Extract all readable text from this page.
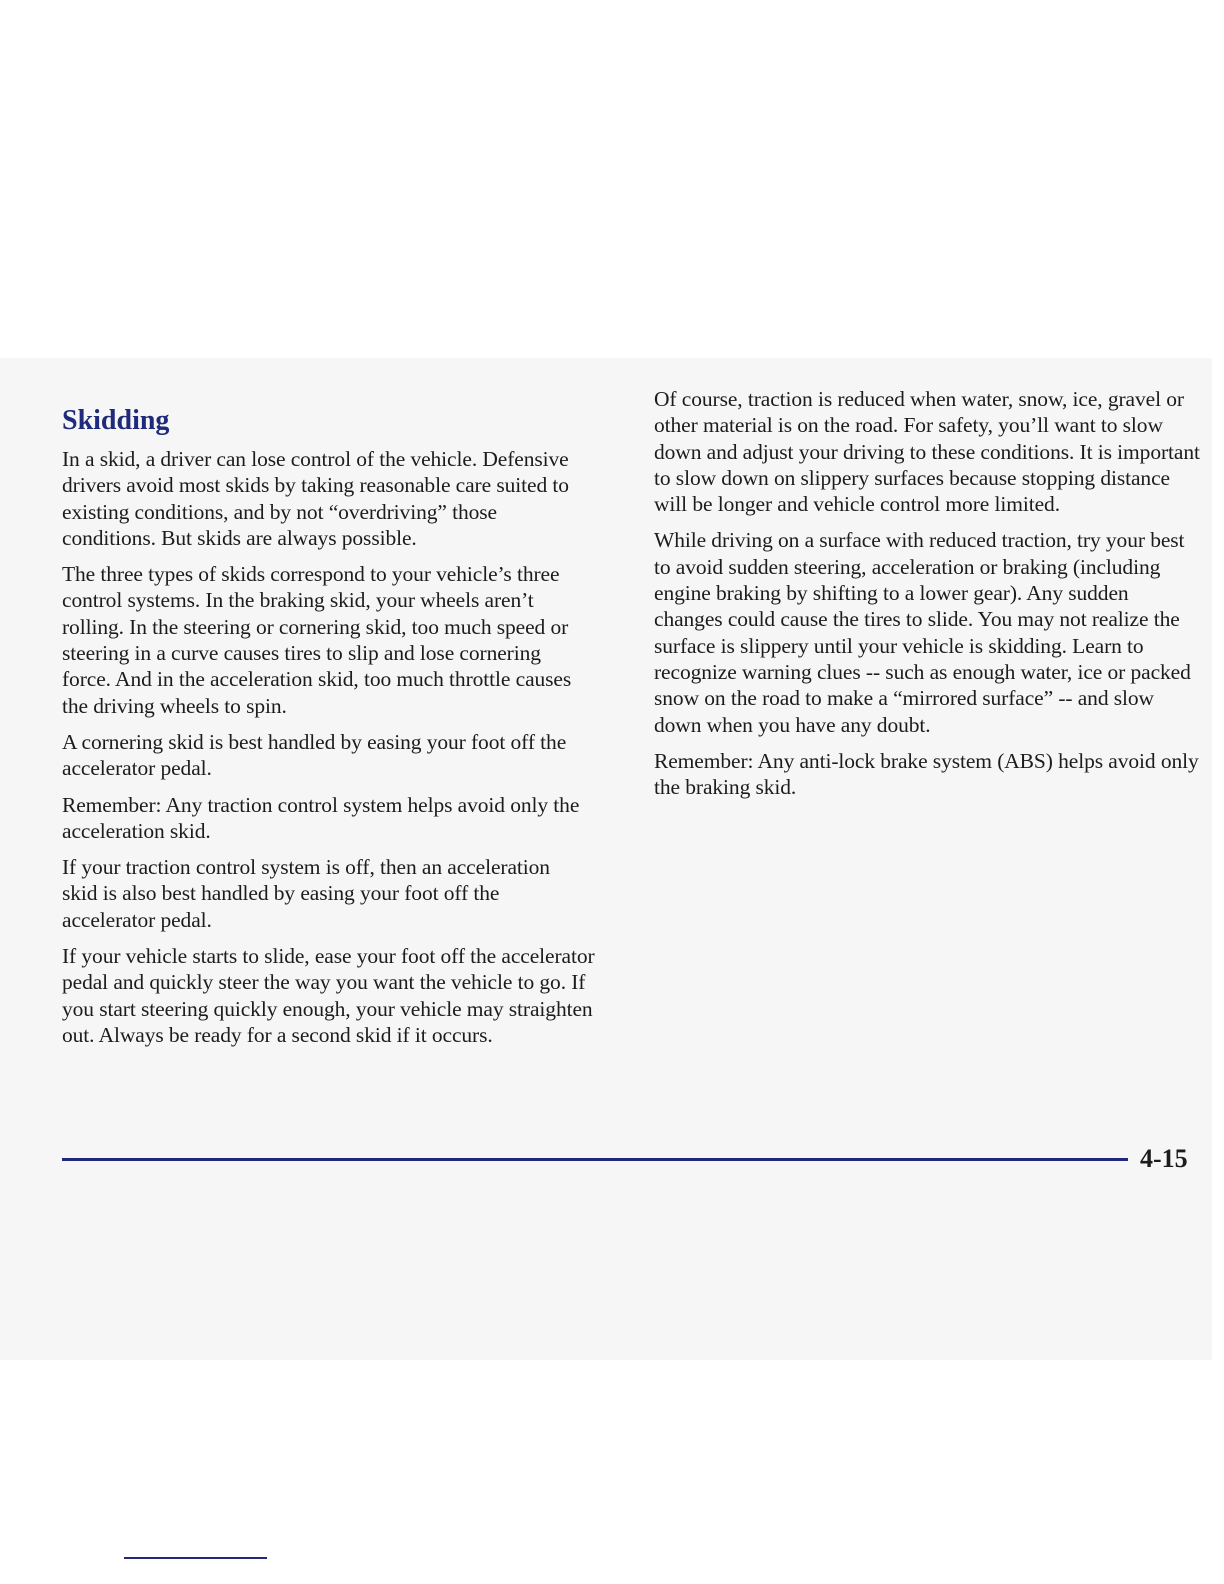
Skidding

In a skid, a driver can lose control of the vehicle. Defensive drivers avoid most skids by taking reasonable care suited to existing conditions, and by not “overdriving” those conditions. But skids are always possible.

The three types of skids correspond to your vehicle’s three control systems. In the braking skid, your wheels aren’t rolling. In the steering or cornering skid, too much speed or steering in a curve causes tires to slip and lose cornering force. And in the acceleration skid, too much throttle causes the driving wheels to spin.

A cornering skid is best handled by easing your foot off the accelerator pedal.

Remember: Any traction control system helps avoid only the acceleration skid.

If your traction control system is off, then an acceleration skid is also best handled by easing your foot off the accelerator pedal.

If your vehicle starts to slide, ease your foot off the accelerator pedal and quickly steer the way you want the vehicle to go. If you start steering quickly enough, your vehicle may straighten out. Always be ready for a second skid if it occurs.

Of course, traction is reduced when water, snow, ice, gravel or other material is on the road. For safety, you’ll want to slow down and adjust your driving to these conditions. It is important to slow down on slippery surfaces because stopping distance will be longer and vehicle control more limited.

While driving on a surface with reduced traction, try your best to avoid sudden steering, acceleration or braking (including engine braking by shifting to a lower gear). Any sudden changes could cause the tires to slide. You may not realize the surface is slippery until your vehicle is skidding. Learn to recognize warning clues -- such as enough water, ice or packed snow on the road to make a “mirrored surface” -- and slow down when you have any doubt.

Remember: Any anti-lock brake system (ABS) helps avoid only the braking skid.

4-15
